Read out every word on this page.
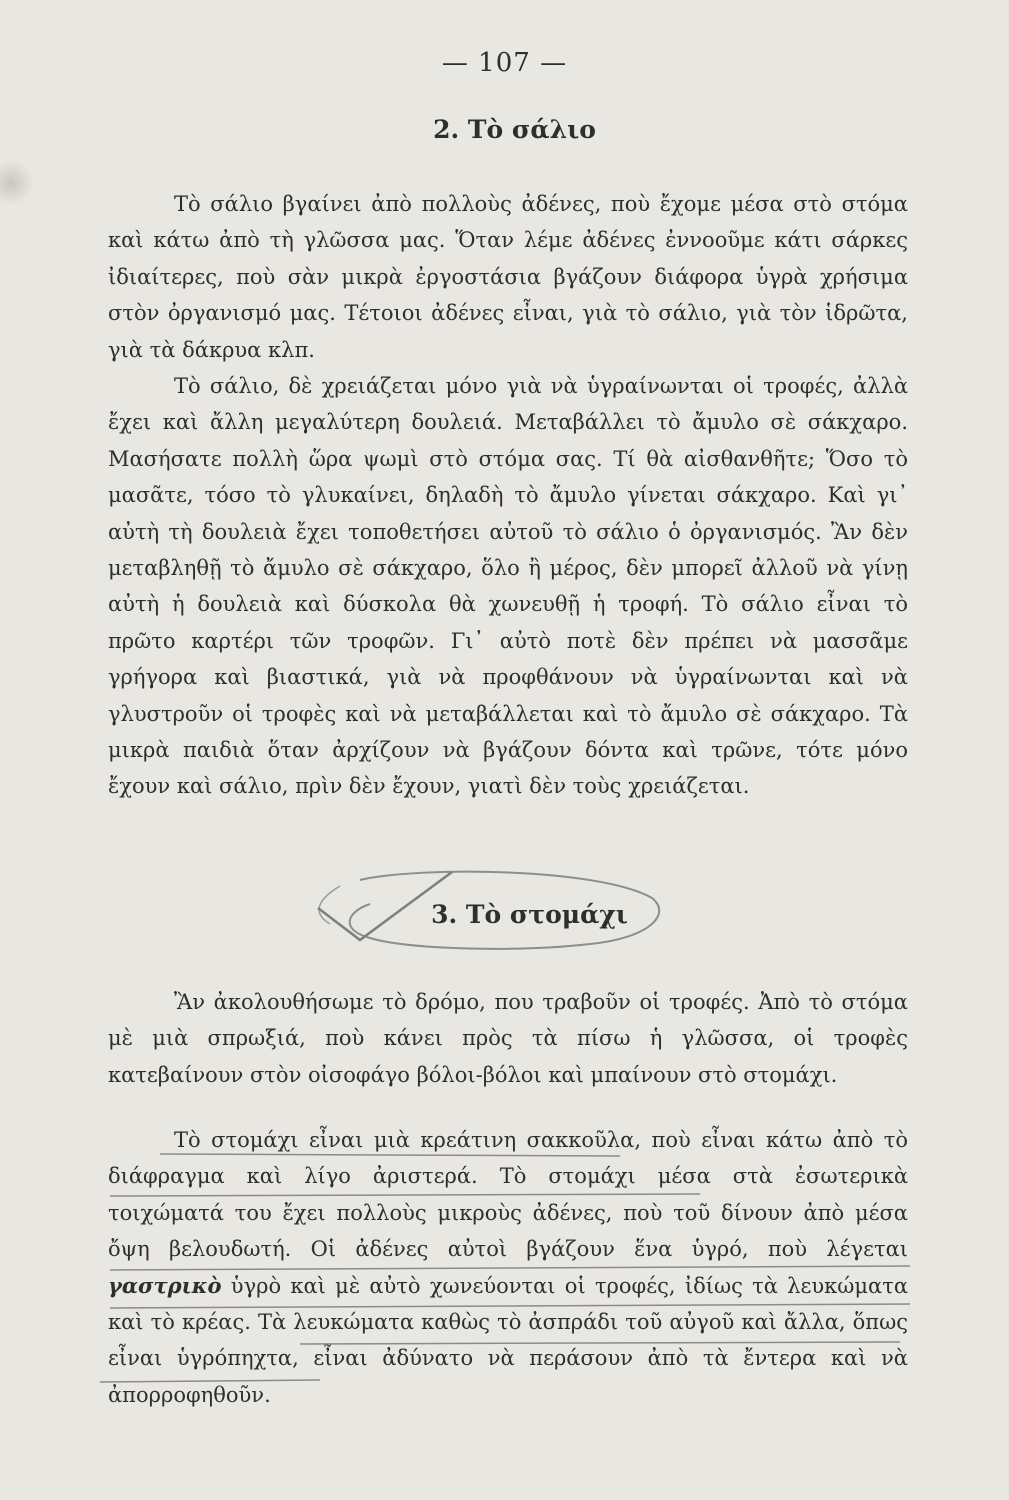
— 107 —
2. Τὸ σάλιο

Τὸ σάλιο βγαίνει ἀπὸ πολλοὺς ἀδένες, ποὺ ἔχομε μέσα στὸ στόμα καὶ κάτω ἀπὸ τὴ γλῶσσα μας. Ὅταν λέμε ἀδένες ἐννοοῦμε κάτι σάρκες ἰδιαίτερες, ποὺ σὰν μικρὰ ἐργοστάσια βγάζουν διάφορα ὑγρὰ χρήσιμα στὸν ὀργανισμό μας. Τέτοιοι ἀδένες εἶναι, γιὰ τὸ σάλιο, γιὰ τὸν ἱδρῶτα, γιὰ τὰ δάκρυα κλπ.

Τὸ σάλιο, δὲ χρειάζεται μόνο γιὰ νὰ ὑγραίνωνται οἱ τροφές, ἀλλὰ ἔχει καὶ ἄλλη μεγαλύτερη δουλειά. Μεταβάλλει τὸ ἄμυλο σὲ σάκχαρο. Μασήσατε πολλὴ ὥρα ψωμὶ στὸ στόμα σας. Τί θὰ αἰσθανθῆτε; Ὅσο τὸ μασᾶτε, τόσο τὸ γλυκαίνει, δηλαδὴ τὸ ἄμυλο γίνεται σάκχαρο. Καὶ γι᾿ αὐτὴ τὴ δουλειὰ ἔχει τοποθετήσει αὐτοῦ τὸ σάλιο ὁ ὀργανισμός. Ἂν δὲν μεταβληθῇ τὸ ἄμυλο σὲ σάκχαρο, ὅλο ἢ μέρος, δὲν μπορεῖ ἀλλοῦ νὰ γίνῃ αὐτὴ ἡ δουλειὰ καὶ δύσκολα θὰ χωνευθῇ ἡ τροφή. Τὸ σάλιο εἶναι τὸ πρῶτο καρτέρι τῶν τροφῶν. Γι᾿ αὐτὸ ποτὲ δὲν πρέπει νὰ μασσᾶμε γρήγορα καὶ βιαστικά, γιὰ νὰ προφθάνουν νὰ ὑγραίνωνται καὶ νὰ γλυστροῦν οἱ τροφὲς καὶ νὰ μεταβάλλεται καὶ τὸ ἄμυλο σὲ σάκχαρο. Τὰ μικρὰ παιδιὰ ὅταν ἀρχίζουν νὰ βγάζουν δόντα καὶ τρῶνε, τότε μόνο ἔχουν καὶ σάλιο, πρὶν δὲν ἔχουν, γιατὶ δὲν τοὺς χρειάζεται.

3. Τὸ στομάχι

Ἂν ἀκολουθήσωμε τὸ δρόμο, που τραβοῦν οἱ τροφές. Ἀπὸ τὸ στόμα μὲ μιὰ σπρωξιά, ποὺ κάνει πρὸς τὰ πίσω ἡ γλῶσσα, οἱ τροφὲς κατεβαίνουν στὸν οἰσοφάγο βόλοι-βόλοι καὶ μπαίνουν στὸ στομάχι.

Τὸ στομάχι εἶναι μιὰ κρεάτινη σακκοῦλα, ποὺ εἶναι κάτω ἀπὸ τὸ διάφραγμα καὶ λίγο ἀριστερά. Τὸ στομάχι μέσα στὰ ἐσωτερικὰ τοιχώματά του ἔχει πολλοὺς μικροὺς ἀδένες, ποὺ τοῦ δίνουν ἀπὸ μέσα ὄψη βελουδωτή. Οἱ ἀδένες αὐτοὶ βγάζουν ἕνα ὑγρό, ποὺ λέγεται γαστρικὸ ὑγρὸ καὶ μὲ αὐτὸ χωνεύονται οἱ τροφές, ἰδίως τὰ λευκώματα καὶ τὸ κρέας. Τὰ λευκώματα καθὼς τὸ ἀσπράδι τοῦ αὐγοῦ καὶ ἄλλα, ὅπως εἶναι ὑγρόπηχτα, εἶναι ἀδύνατο νὰ περάσουν ἀπὸ τὰ ἔντερα καὶ νὰ ἀπορροφηθοῦν.
